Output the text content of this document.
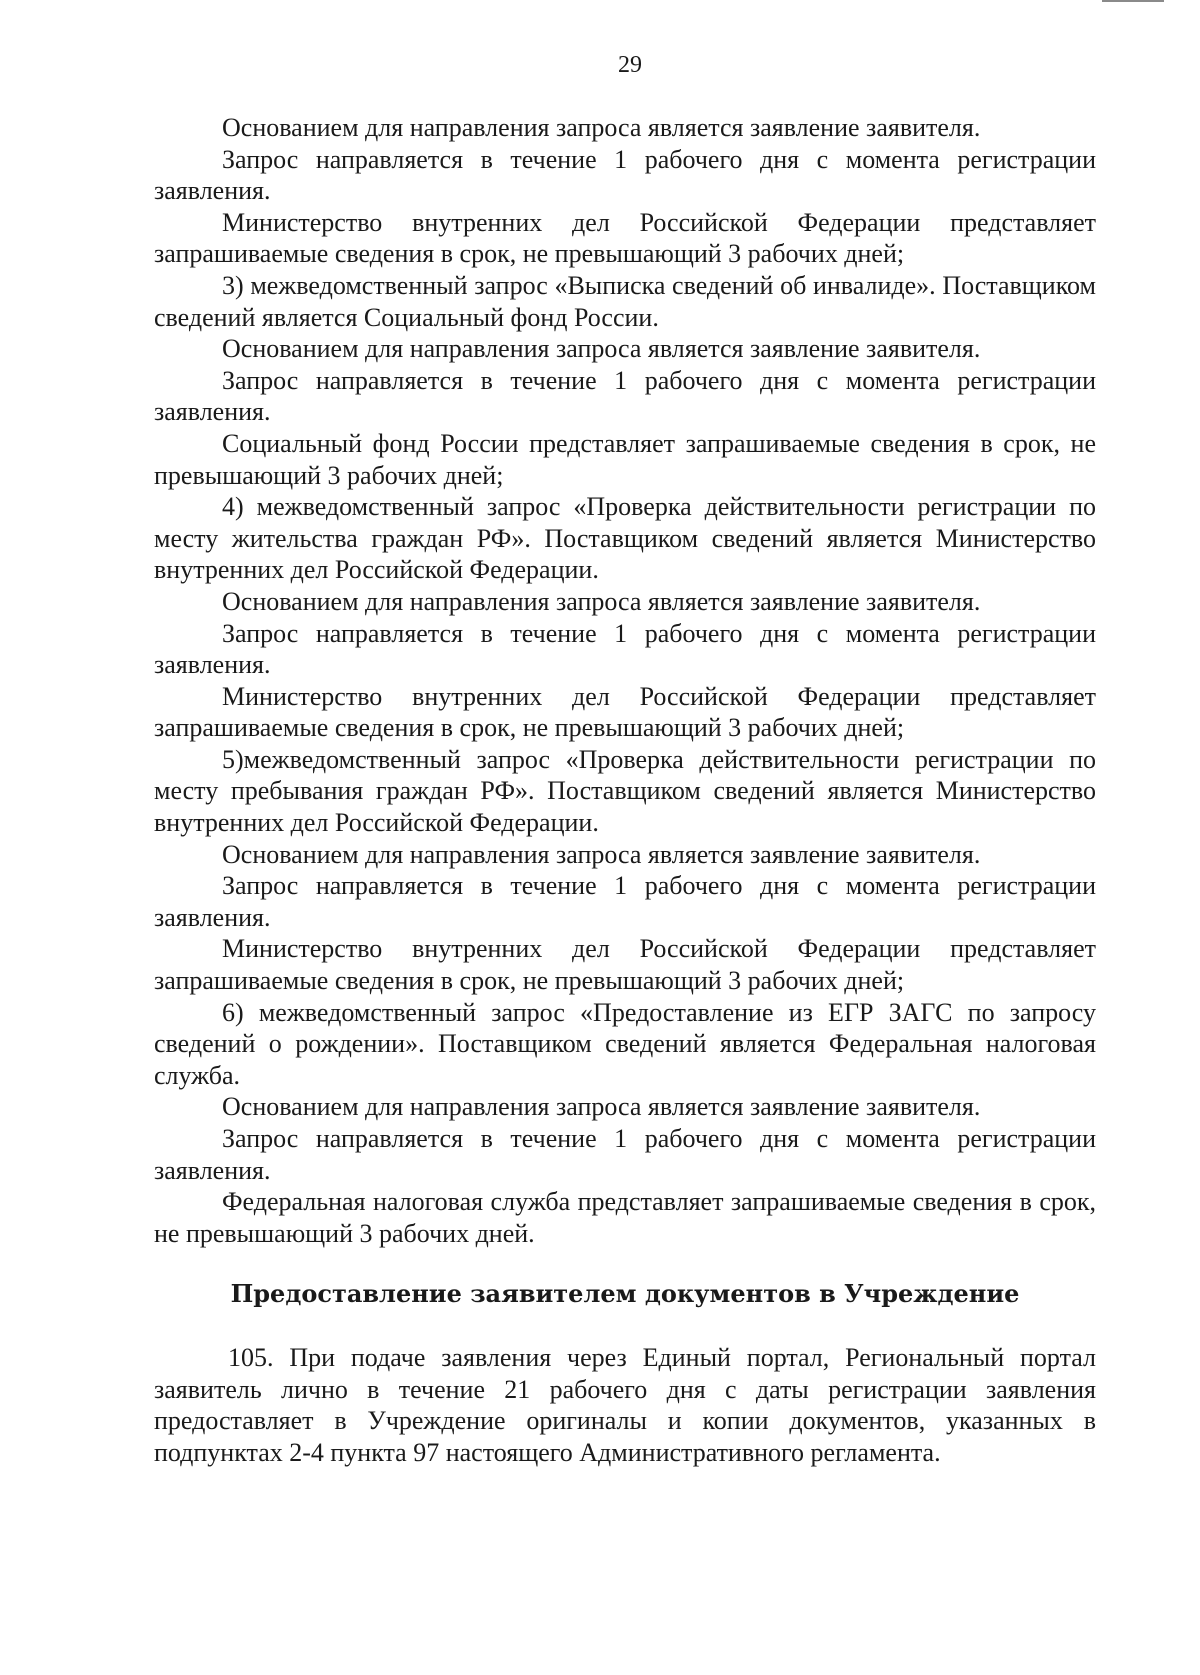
29

Основанием для направления запроса является заявление заявителя.

Запрос направляется в течение 1 рабочего дня с момента регистрации заявления.

Министерство внутренних дел Российской Федерации представляет запрашиваемые сведения в срок, не превышающий 3 рабочих дней;

3) межведомственный запрос «Выписка сведений об инвалиде». Поставщиком сведений является Социальный фонд России.

Основанием для направления запроса является заявление заявителя.

Запрос направляется в течение 1 рабочего дня с момента регистрации заявления.

Социальный фонд России представляет запрашиваемые сведения в срок, не превышающий 3 рабочих дней;

4) межведомственный запрос «Проверка действительности регистрации по месту жительства граждан РФ». Поставщиком сведений является Министерство внутренних дел Российской Федерации.

Основанием для направления запроса является заявление заявителя.

Запрос направляется в течение 1 рабочего дня с момента регистрации заявления.

Министерство внутренних дел Российской Федерации представляет запрашиваемые сведения в срок, не превышающий 3 рабочих дней;

5)межведомственный запрос «Проверка действительности регистрации по месту пребывания граждан РФ». Поставщиком сведений является Министерство внутренних дел Российской Федерации.

Основанием для направления запроса является заявление заявителя.

Запрос направляется в течение 1 рабочего дня с момента регистрации заявления.

Министерство внутренних дел Российской Федерации представляет запрашиваемые сведения в срок, не превышающий 3 рабочих дней;

6) межведомственный запрос «Предоставление из ЕГР ЗАГС по запросу сведений о рождении». Поставщиком сведений является Федеральная налоговая служба.

Основанием для направления запроса является заявление заявителя.

Запрос направляется в течение 1 рабочего дня с момента регистрации заявления.

Федеральная налоговая служба представляет запрашиваемые сведения в срок, не превышающий 3 рабочих дней.

Предоставление заявителем документов в Учреждение

105. При подаче заявления через Единый портал, Региональный портал заявитель лично в течение 21 рабочего дня с даты регистрации заявления предоставляет в Учреждение оригиналы и копии документов, указанных в подпунктах 2-4 пункта 97 настоящего Административного регламента.
